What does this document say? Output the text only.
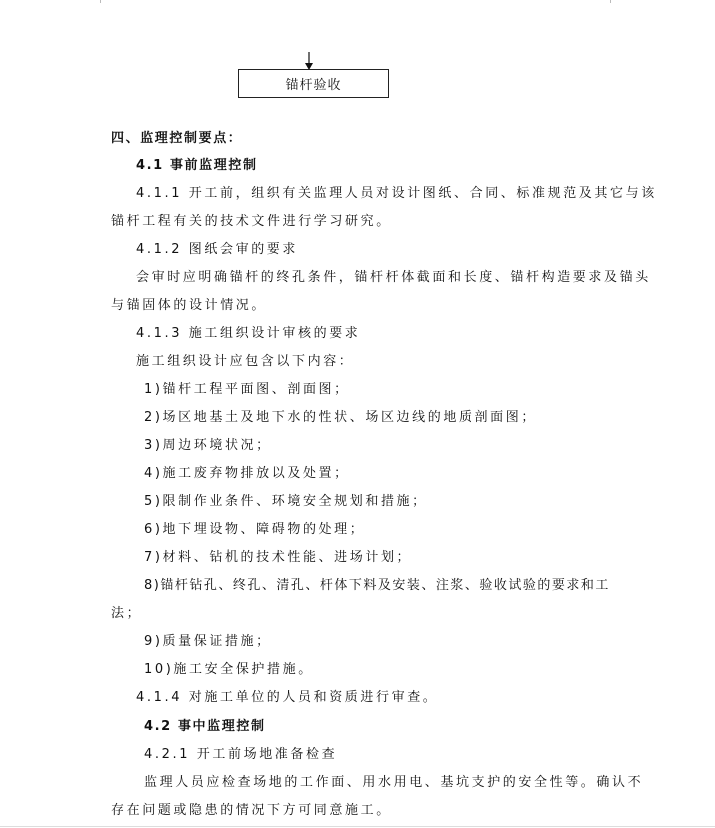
锚杆验收
四、监理控制要点：
4.1 事前监理控制
4.1.1 开工前，组织有关监理人员对设计图纸、合同、标准规范及其它与该
锚杆工程有关的技术文件进行学习研究。
4.1.2 图纸会审的要求
会审时应明确锚杆的终孔条件，锚杆杆体截面和长度、锚杆构造要求及锚头
与锚固体的设计情况。
4.1.3 施工组织设计审核的要求
施工组织设计应包含以下内容：
1)锚杆工程平面图、剖面图；
2)场区地基土及地下水的性状、场区边线的地质剖面图；
3)周边环境状况；
4)施工废弃物排放以及处置；
5)限制作业条件、环境安全规划和措施；
6)地下埋设物、障碍物的处理；
7)材料、钻机的技术性能、进场计划；
8)锚杆钻孔、终孔、清孔、杆体下料及安装、注浆、验收试验的要求和工
法；
9)质量保证措施；
10)施工安全保护措施。
4.1.4 对施工单位的人员和资质进行审查。
4.2 事中监理控制
4.2.1 开工前场地准备检查
监理人员应检查场地的工作面、用水用电、基坑支护的安全性等。确认不
存在问题或隐患的情况下方可同意施工。
